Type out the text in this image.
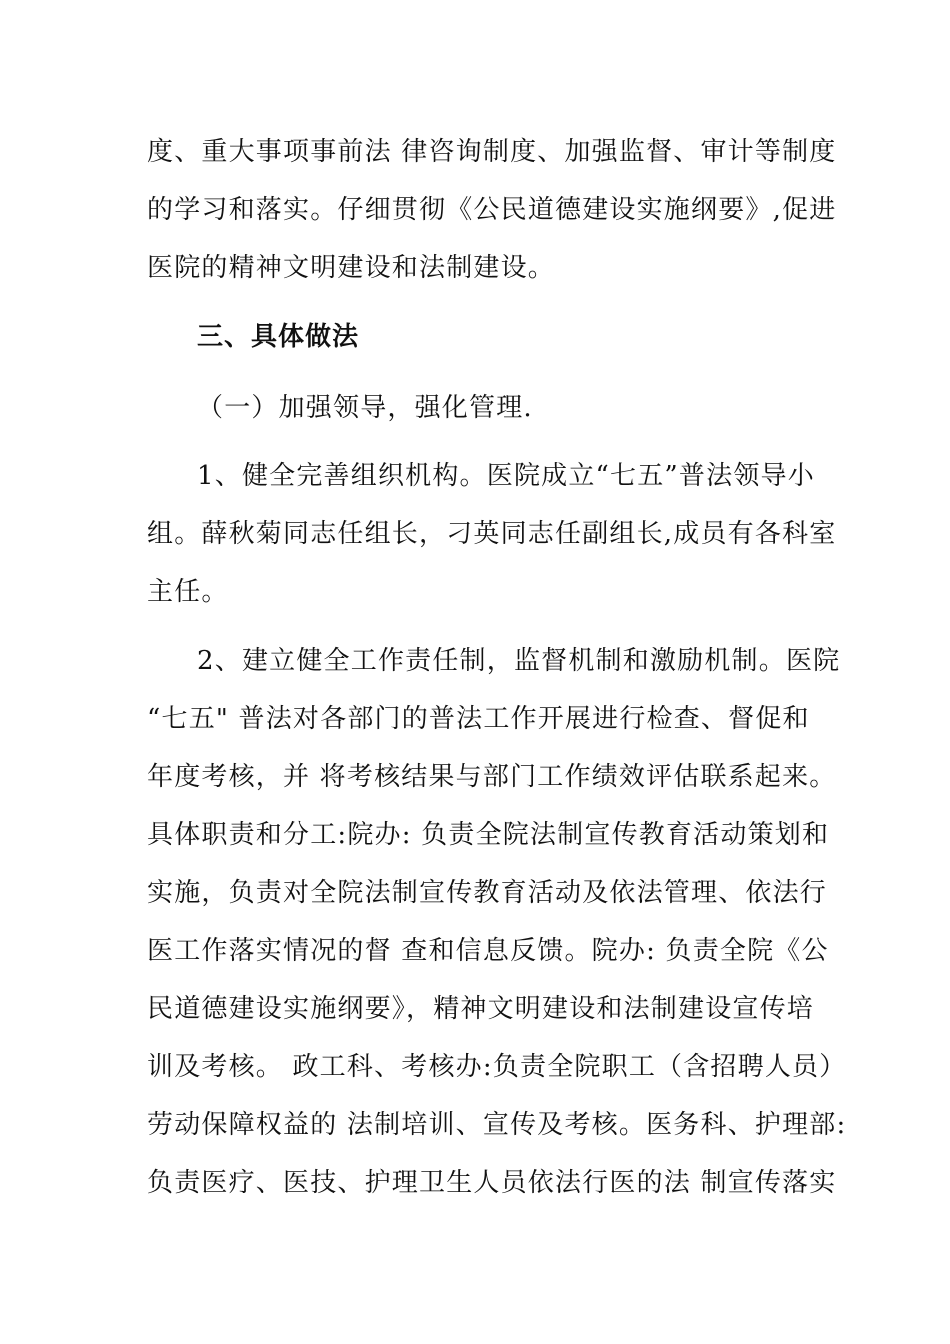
度、重大事项事前法 律咨询制度、加强监督、审计等制度
的学习和落实。仔细贯彻《公民道德建设实施纲要》,促进
医院的精神文明建设和法制建设。
三、具体做法
（一）加强领导，强化管理.
1、健全完善组织机构。医院成立“七五”普法领导小
组。薛秋菊同志任组长，刁英同志任副组长,成员有各科室
主任。
2、建立健全工作责任制，监督机制和激励机制。医院
“七五" 普法对各部门的普法工作开展进行检查、督促和
年度考核，并 将考核结果与部门工作绩效评估联系起来。
具体职责和分工:院办: 负责全院法制宣传教育活动策划和
实施，负责对全院法制宣传教育活动及依法管理、依法行
医工作落实情况的督 查和信息反馈。院办: 负责全院《公
民道德建设实施纲要》，精神文明建设和法制建设宣传培
训及考核。 政工科、考核办:负责全院职工（含招聘人员）
劳动保障权益的 法制培训、宣传及考核。医务科、护理部:
负责医疗、医技、护理卫生人员依法行医的法 制宣传落实
